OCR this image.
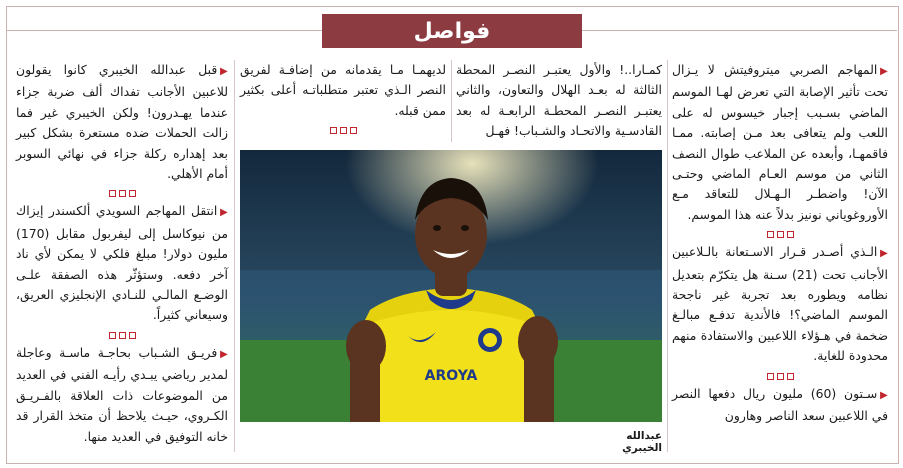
فواصل

◀المهاجم الصربي ميتروفيتش لا يـزال تحت تأثير الإصابة التي تعرض لهـا الموسم الماضي بسـبب إجبار خيسوس له على اللعب ولم يتعافى بعد مـن إصابته. ممـا فاقمهـا، وأبعده عن الملاعب طوال النصف الثاني من موسم العـام الماضي وحتـى الآن! واضطـر الـهـلال للتعاقد مـع الأوروغوياني نونيز بدلاً عنه هذا الموسم.

◀الـذي أصـدر قـرار الاسـتعانة بالـلاعبين الأجانب تحت (21) سـنة هل يتكرّم بتعديل نظامه ويطوره بعد تجربة غير ناجحة الموسم الماضي؟! فالأندية تدفـع مبالـغ ضخمة في هـؤلاء اللاعبين والاستفادة منهم محدودة للغاية.

◀سـتون (60) مليون ريال دفعها النصر في اللاعبين سعد الناصر وهارون

كمـارا..! والأول يعتبـر النصـر المحطة الثالثة له بعـد الهلال والتعاون، والثاني يعتبـر النصـر المحطـة الرابعـة له بعد القادسـية والاتحـاد والشـباب! فهـل

لديهمـا مـا يقدمانه من إضافـة لفريق النصر الـذي تعتبر متطلباتـه أعلى بكثير ممن قبله.

◀قبل عبدالله الخيبري كانوا يقولون للاعبين الأجانب تفداك ألف ضربة جزاء عندما يهـدرون! ولكن الخيبري غير فما زالت الحملات ضده مستعرة بشكل كبير بعد إهداره ركلة جزاء في نهائي السوبر أمام الأهلي.

◀انتقل المهاجم السويدي ألكسندر إيزاك من نيوكاسل إلى ليفربول مقابل (170) مليون دولار! مبلغ فلكي لا يمكن لأي ناد آخر دفعه. وستؤثّر هذه الصفقة علـى الوضـع المالـي للنـادي الإنجليزي العريق، وسيعاني كثيراً.

◀فريـق الشـباب بحاجـة ماسـة وعاجلة لمدير رياضي يبـدي رأيـه الفني في العديد من الموضوعات ذات العلاقة بالفـريـق الكـروي، حيـث يلاحظ أن متخذ القرار قد خانه التوفيق في العديد منها.

AROYA
عبدالله الخيبري
